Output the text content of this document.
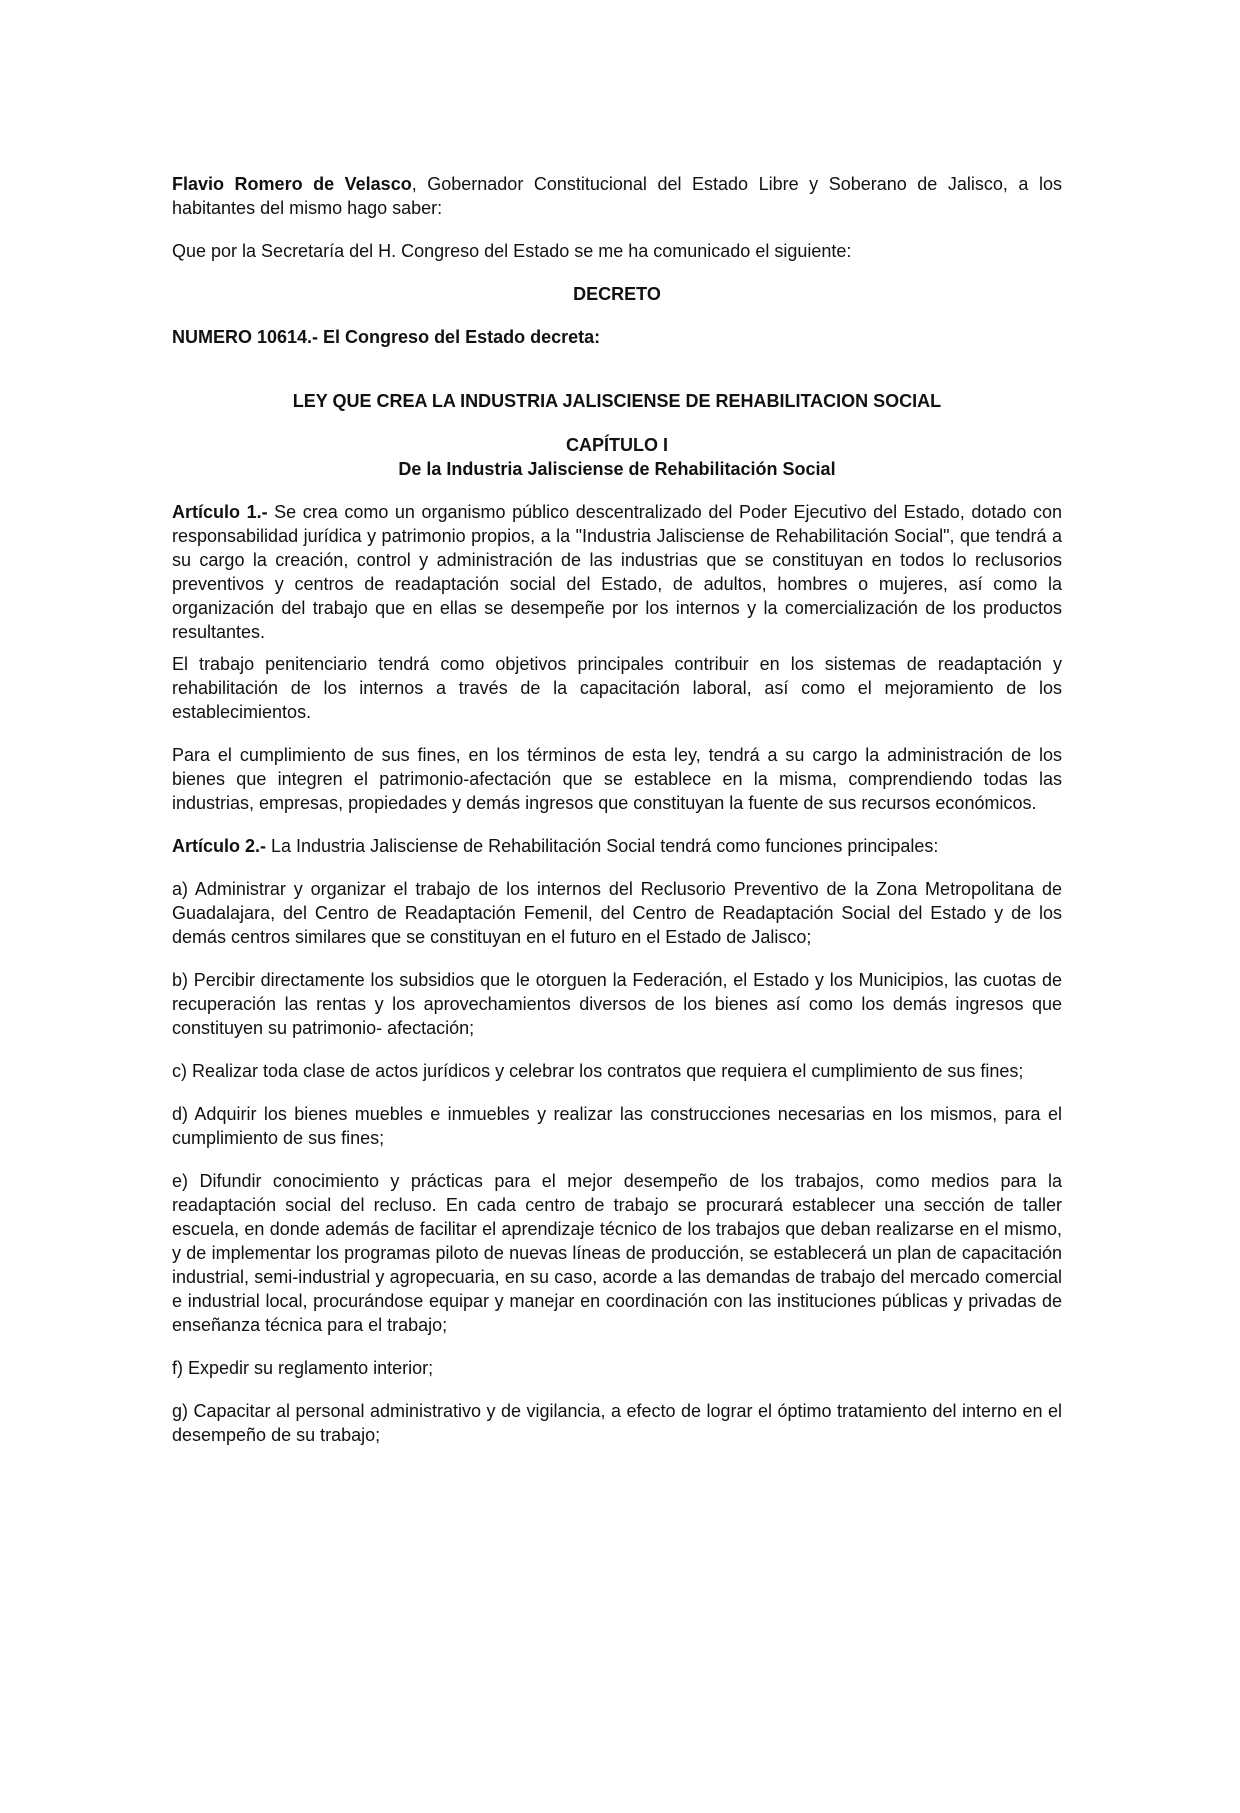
Flavio Romero de Velasco, Gobernador Constitucional del Estado Libre y Soberano de Jalisco, a los habitantes del mismo hago saber:

Que por la Secretaría del H. Congreso del Estado se me ha comunicado el siguiente:

DECRETO

NUMERO 10614.- El Congreso del Estado decreta:

LEY QUE CREA LA INDUSTRIA JALISCIENSE DE REHABILITACION SOCIAL

CAPÍTULO I

De la Industria Jalisciense de Rehabilitación Social

Artículo 1.- Se crea como un organismo público descentralizado del Poder Ejecutivo del Estado, dotado con responsabilidad jurídica y patrimonio propios, a la "Industria Jalisciense de Rehabilitación Social", que tendrá a su cargo la creación, control y administración de las industrias que se constituyan en todos lo reclusorios preventivos y centros de readaptación social del Estado, de adultos, hombres o mujeres, así como la organización del trabajo que en ellas se desempeñe por los internos y la comercialización de los productos resultantes.

El trabajo penitenciario tendrá como objetivos principales contribuir en los sistemas de readaptación y rehabilitación de los internos a través de la capacitación laboral, así como el mejoramiento de los establecimientos.

Para el cumplimiento de sus fines, en los términos de esta ley, tendrá a su cargo la administración de los bienes que integren el patrimonio-afectación que se establece en la misma, comprendiendo todas las industrias, empresas, propiedades y demás ingresos que constituyan la fuente de sus recursos económicos.

Artículo 2.- La Industria Jalisciense de Rehabilitación Social tendrá como funciones principales:

a) Administrar y organizar el trabajo de los internos del Reclusorio Preventivo de la Zona Metropolitana de Guadalajara, del Centro de Readaptación Femenil, del Centro de Readaptación Social del Estado y de los demás centros similares que se constituyan en el futuro en el Estado de Jalisco;

b) Percibir directamente los subsidios que le otorguen la Federación, el Estado y los Municipios, las cuotas de recuperación las rentas y los aprovechamientos diversos de los bienes así como los demás ingresos que constituyen su patrimonio- afectación;

c) Realizar toda clase de actos jurídicos y celebrar los contratos que requiera el cumplimiento de sus fines;

d) Adquirir los bienes muebles e inmuebles y realizar las construcciones necesarias en los mismos, para el cumplimiento de sus fines;

e) Difundir conocimiento y prácticas para el mejor desempeño de los trabajos, como medios para la readaptación social del recluso. En cada centro de trabajo se procurará establecer una sección de taller escuela, en donde además de facilitar el aprendizaje técnico de los trabajos que deban realizarse en el mismo, y de implementar los programas piloto de nuevas líneas de producción, se establecerá un plan de capacitación industrial, semi-industrial y agropecuaria, en su caso, acorde a las demandas de trabajo del mercado comercial e industrial local, procurándose equipar y manejar en coordinación con las instituciones públicas y privadas de enseñanza técnica para el trabajo;

f) Expedir su reglamento interior;

g) Capacitar al personal administrativo y de vigilancia, a efecto de lograr el óptimo tratamiento del interno en el desempeño de su trabajo;
